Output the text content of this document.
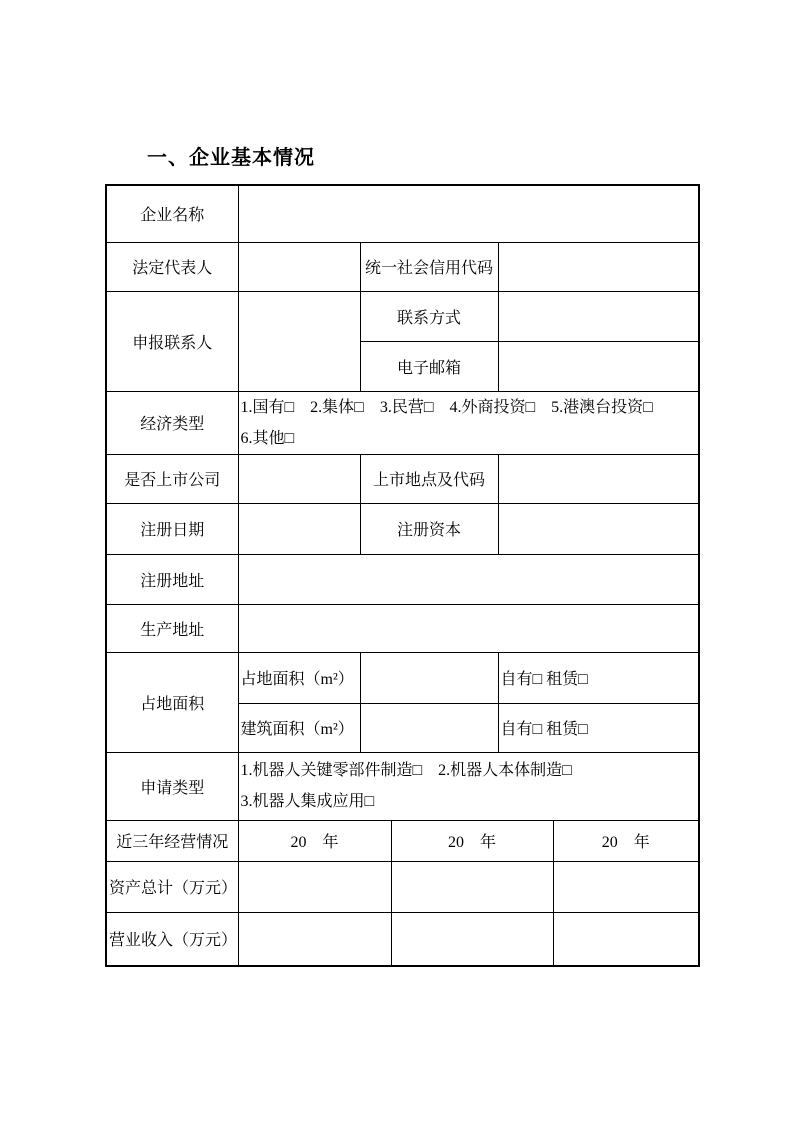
一、企业基本情况
企业名称					
法定代表人		统一社会信用代码			
申报联系人		联系方式			
		电子邮箱			
经济类型	1.国有□　2.集体□　3.民营□　4.外商投资□　5.港澳台投资□
6.其他□				

是否上市公司		上市地点及代码			
注册日期		注册资本			
注册地址					
生产地址					
占地面积	占地面积（m²）			自有□ 租赁□	
	建筑面积（m²）			自有□ 租赁□	
申请类型	1.机器人关键零部件制造□　2.机器人本体制造□
3.机器人集成应用□				

近三年经营情况	20　年		20　年		20　年
资产总计（万元）					
营业收入（万元）					
